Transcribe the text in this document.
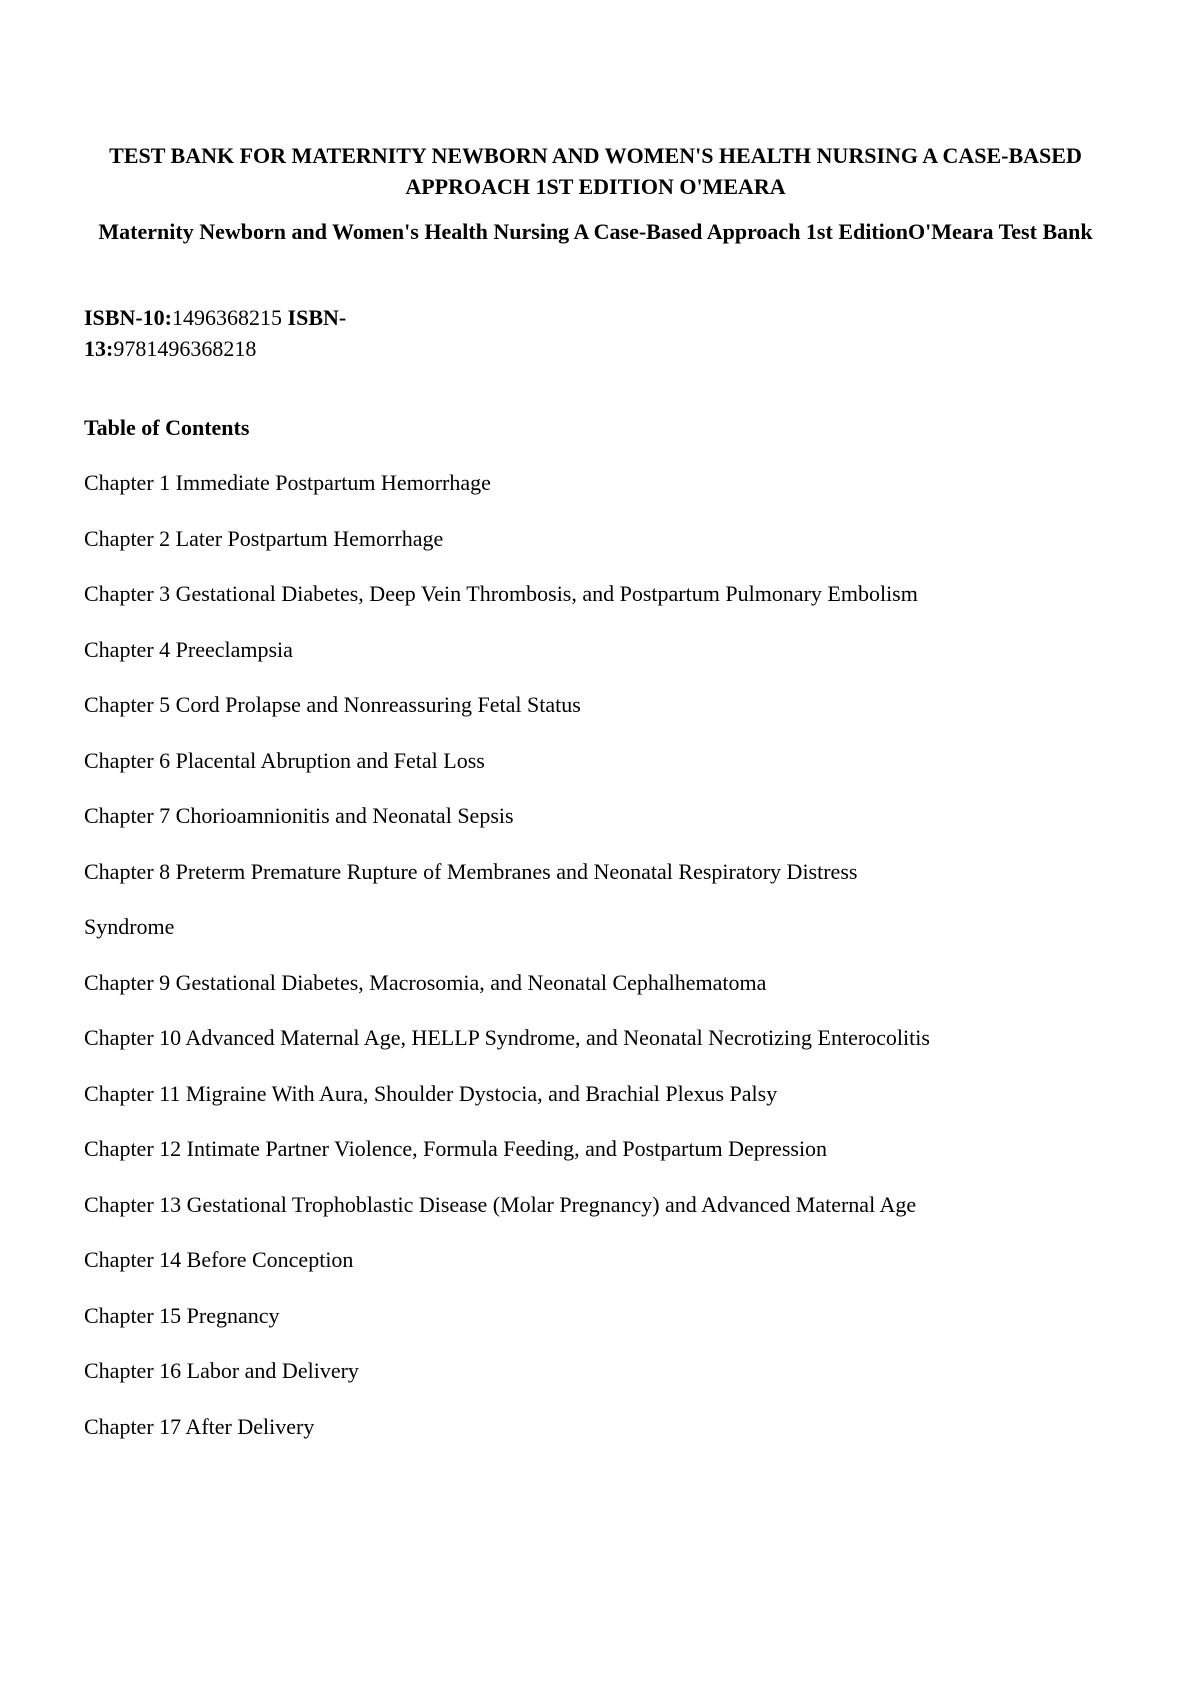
TEST BANK FOR MATERNITY NEWBORN AND WOMEN'S HEALTH NURSING A CASE-BASED APPROACH 1ST EDITION O'MEARA
Maternity Newborn and Women's Health Nursing A Case-Based Approach 1st EditionO'Meara Test Bank
ISBN-10:1496368215 ISBN-
13:9781496368218
Table of Contents
Chapter 1 Immediate Postpartum Hemorrhage
Chapter 2 Later Postpartum Hemorrhage
Chapter 3 Gestational Diabetes, Deep Vein Thrombosis, and Postpartum Pulmonary Embolism
Chapter 4 Preeclampsia
Chapter 5 Cord Prolapse and Nonreassuring Fetal Status
Chapter 6 Placental Abruption and Fetal Loss
Chapter 7 Chorioamnionitis and Neonatal Sepsis
Chapter 8 Preterm Premature Rupture of Membranes and Neonatal Respiratory Distress
Syndrome
Chapter 9 Gestational Diabetes, Macrosomia, and Neonatal Cephalhematoma
Chapter 10 Advanced Maternal Age, HELLP Syndrome, and Neonatal Necrotizing Enterocolitis
Chapter 11 Migraine With Aura, Shoulder Dystocia, and Brachial Plexus Palsy
Chapter 12 Intimate Partner Violence, Formula Feeding, and Postpartum Depression
Chapter 13 Gestational Trophoblastic Disease (Molar Pregnancy) and Advanced Maternal Age
Chapter 14 Before Conception
Chapter 15 Pregnancy
Chapter 16 Labor and Delivery
Chapter 17 After Delivery
